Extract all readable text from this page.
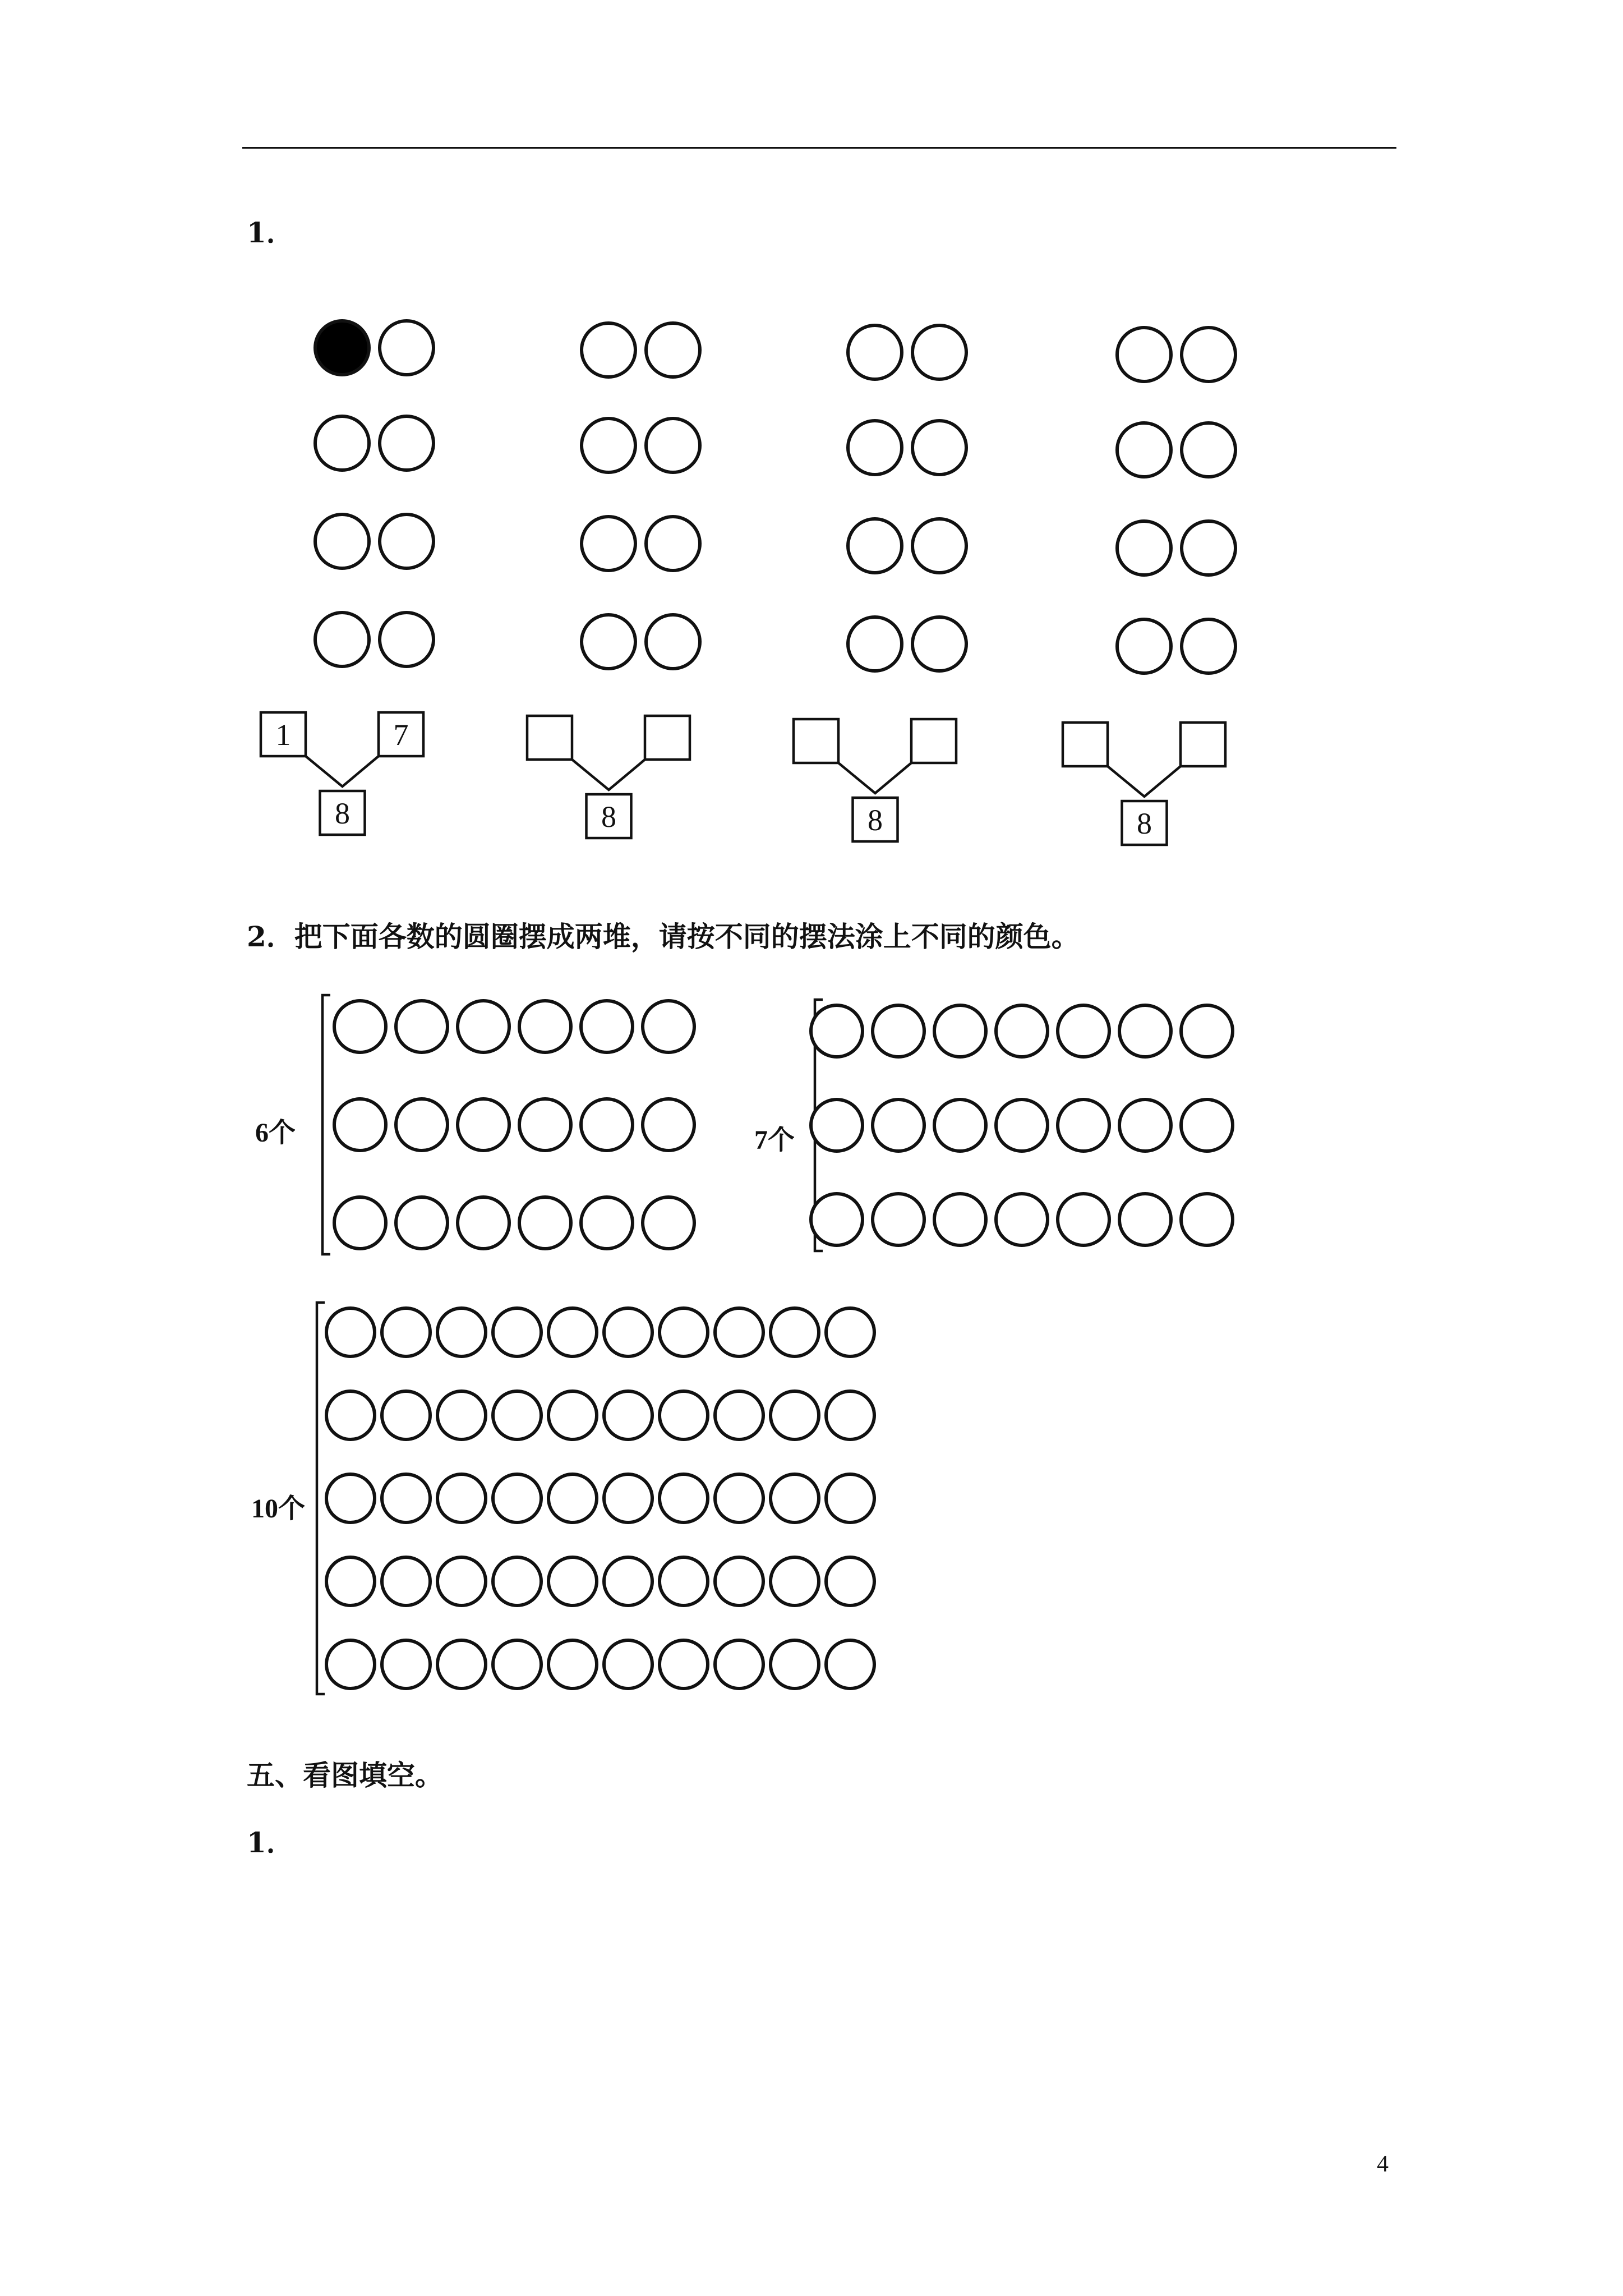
1．
2．把下面各数的圆圈摆成两堆，请按不同的摆法涂上不同的颜色。
五、看图填空。
1．
4
1	7
8	8	8	8
6个	7个
10个
